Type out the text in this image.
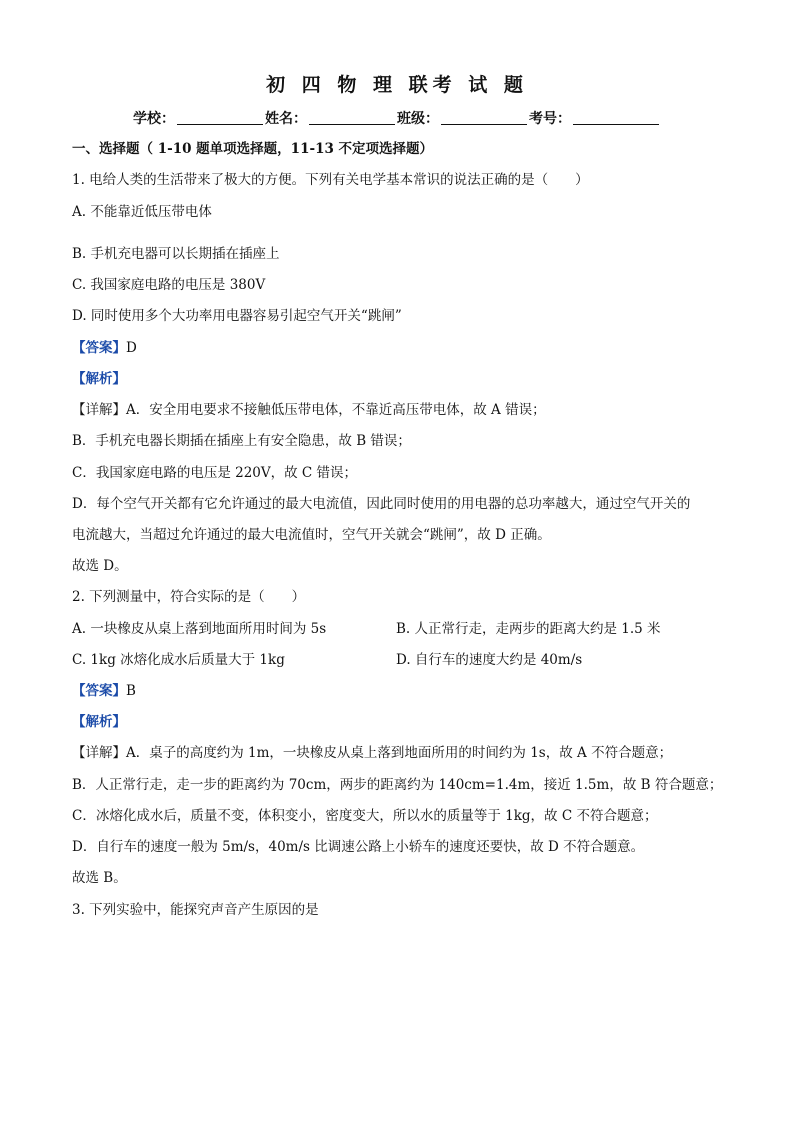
初 四 物 理 联考 试 题
学校：	姓名：	班级：	考号：
一、选择题（ 1-10 题单项选择题，11-13 不定项选择题）
1. 电给人类的生活带来了极大的方便。下列有关电学基本常识的说法正确的是（　　）
A. 不能靠近低压带电体
B. 手机充电器可以长期插在插座上
C. 我国家庭电路的电压是 380V
D. 同时使用多个大功率用电器容易引起空气开关“跳闸”
【答案】D
【解析】
【详解】A．安全用电要求不接触低压带电体，不靠近高压带电体，故 A 错误；
B．手机充电器长期插在插座上有安全隐患，故 B 错误；
C．我国家庭电路的电压是 220V，故 C 错误；
D．每个空气开关都有它允许通过的最大电流值，因此同时使用的用电器的总功率越大，通过空气开关的
电流越大，当超过允许通过的最大电流值时，空气开关就会“跳闸”，故 D 正确。
故选 D。
2. 下列测量中，符合实际的是（　　）
A. 一块橡皮从桌上落到地面所用时间为 5s	B. 人正常行走，走两步的距离大约是 1.5 米
C. 1kg 冰熔化成水后质量大于 1kg	D. 自行车的速度大约是 40m/s
【答案】B
【解析】
【详解】A．桌子的高度约为 1m，一块橡皮从桌上落到地面所用的时间约为 1s，故 A 不符合题意；
B．人正常行走，走一步的距离约为 70cm，两步的距离约为 140cm=1.4m，接近 1.5m，故 B 符合题意；
C．冰熔化成水后，质量不变，体积变小，密度变大，所以水的质量等于 1kg，故 C 不符合题意；
D．自行车的速度一般为 5m/s，40m/s 比调速公路上小轿车的速度还要快，故 D 不符合题意。
故选 B。
3. 下列实验中，能探究声音产生原因的是
